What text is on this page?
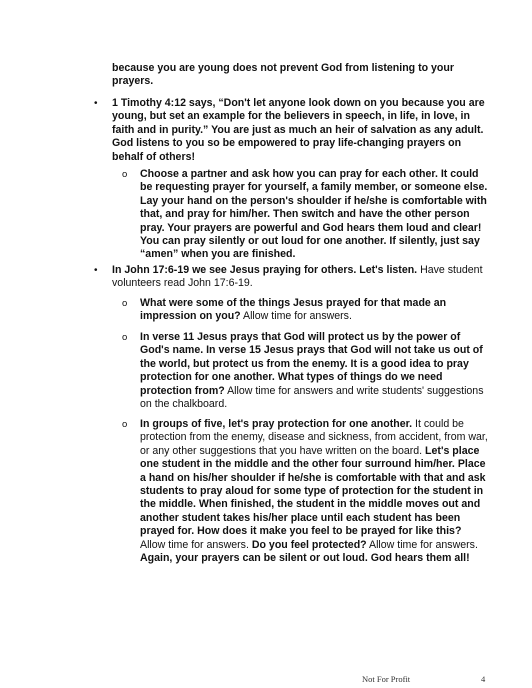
because you are young does not prevent God from listening to your

prayers.

• 1 Timothy 4:12 says, “Don't let anyone look down on you because you are

young, but set an example for the believers in speech, in life, in love, in

faith and in purity.” You are just as much an heir of salvation as any adult.

God listens to you so be empowered to pray life-changing prayers on

behalf of others!

o Choose a partner and ask how you can pray for each other. It could

be requesting prayer for yourself, a family member, or someone else.

Lay your hand on the person's shoulder if he/she is comfortable with

that, and pray for him/her. Then switch and have the other person

pray. Your prayers are powerful and God hears them loud and clear!

You can pray silently or out loud for one another. If silently, just say

“amen” when you are finished.

• In John 17:6-19 we see Jesus praying for others. Let's listen. Have student

volunteers read John 17:6-19.

o What were some of the things Jesus prayed for that made an

impression on you? Allow time for answers.

o In verse 11 Jesus prays that God will protect us by the power of

God's name. In verse 15 Jesus prays that God will not take us out of

the world, but protect us from the enemy. It is a good idea to pray

protection for one another. What types of things do we need

protection from? Allow time for answers and write students' suggestions

on the chalkboard.

o In groups of five, let's pray protection for one another. It could be

protection from the enemy, disease and sickness, from accident, from war,

or any other suggestions that you have written on the board. Let's place

one student in the middle and the other four surround him/her. Place

a hand on his/her shoulder if he/she is comfortable with that and ask

students to pray aloud for some type of protection for the student in

the middle. When finished, the student in the middle moves out and

another student takes his/her place until each student has been

prayed for. How does it make you feel to be prayed for like this?

Allow time for answers. Do you feel protected? Allow time for answers.

Again, your prayers can be silent or out loud. God hears them all!

Not For Profit	4
